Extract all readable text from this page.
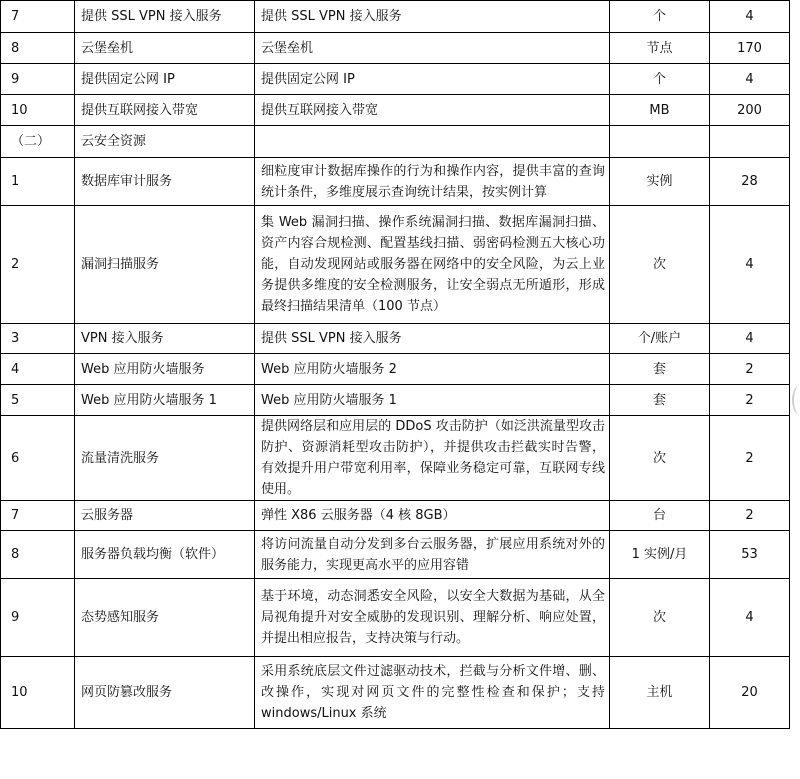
7	提供 SSL VPN 接入服务	提供 SSL VPN 接入服务	个	4
8	云堡垒机	云堡垒机	节点	170
9	提供固定公网 IP	提供固定公网 IP	个	4
10	提供互联网接入带宽	提供互联网接入带宽	MB	200
（二）	云安全资源			
1	数据库审计服务	细粒度审计数据库操作的行为和操作内容，提供丰富的查询统计条件，多维度展示查询统计结果，按实例计算	实例	28
2	漏洞扫描服务	集 Web 漏洞扫描、操作系统漏洞扫描、数据库漏洞扫描、资产内容合规检测、配置基线扫描、弱密码检测五大核心功能，自动发现网站或服务器在网络中的安全风险，为云上业务提供多维度的安全检测服务，让安全弱点无所遁形，形成最终扫描结果清单（100 节点）	次	4
3	VPN 接入服务	提供 SSL VPN 接入服务	个/账户	4
4	Web 应用防火墙服务	Web 应用防火墙服务 2	套	2
5	Web 应用防火墙服务 1	Web 应用防火墙服务 1	套	2
6	流量清洗服务	提供网络层和应用层的 DDoS 攻击防护（如泛洪流量型攻击防护、资源消耗型攻击防护），并提供攻击拦截实时告警，有效提升用户带宽利用率，保障业务稳定可靠，互联网专线使用。	次	2
7	云服务器	弹性 X86 云服务器（4 核 8GB）	台	2
8	服务器负载均衡（软件）	将访问流量自动分发到多台云服务器，扩展应用系统对外的服务能力，实现更高水平的应用容错	1 实例/月	53
9	态势感知服务	基于环境，动态洞悉安全风险，以安全大数据为基础，从全局视角提升对安全威胁的发现识别、理解分析、响应处置，并提出相应报告，支持决策与行动。	次	4
10	网页防篡改服务	采用系统底层文件过滤驱动技术，拦截与分析文件增、删、改操作，实现对网页文件的完整性检查和保护；支持 windows/Linux 系统	主机	20
